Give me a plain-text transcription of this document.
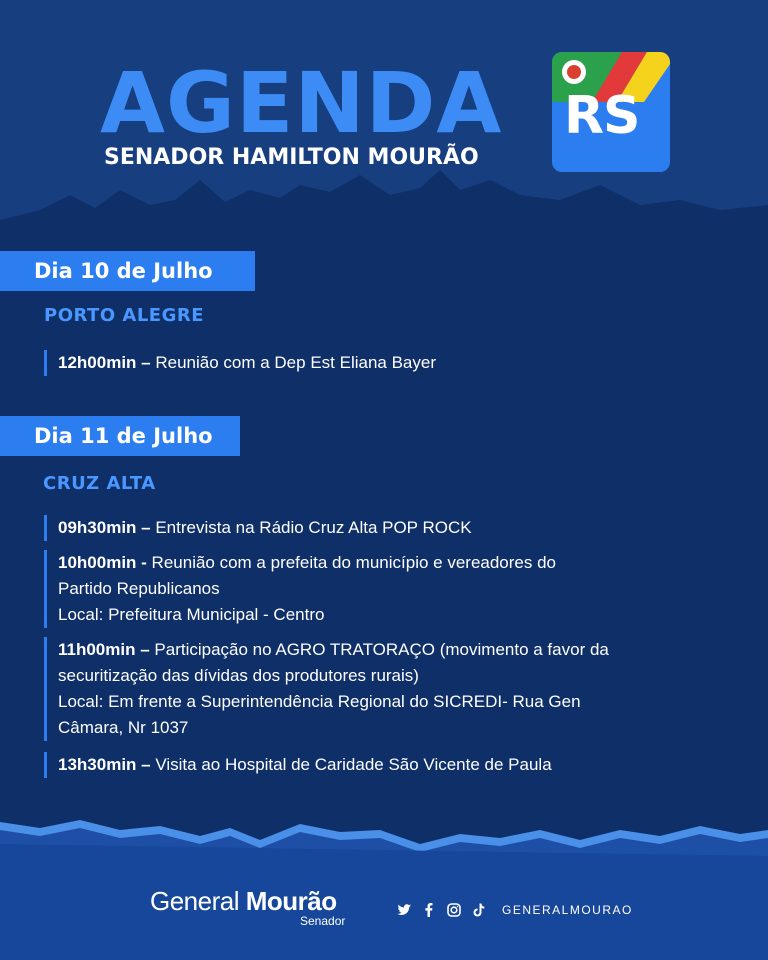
AGENDA
SENADOR HAMILTON MOURÃO
RS
Dia 10 de Julho
PORTO ALEGRE
12h00min – Reunião com a Dep Est Eliana Bayer
Dia 11 de Julho
CRUZ ALTA
09h30min – Entrevista na Rádio Cruz Alta POP ROCK
10h00min - Reunião com a prefeita do município e vereadores do
Partido Republicanos
Local: Prefeitura Municipal - Centro
11h00min – Participação no AGRO TRATORAÇO (movimento a favor da
securitização das dívidas dos produtores rurais)
Local: Em frente a Superintendência Regional do SICREDI- Rua Gen
Câmara, Nr 1037
13h30min – Visita ao Hospital de Caridade São Vicente de Paula
General Mourão
Senador
GENERALMOURAO
